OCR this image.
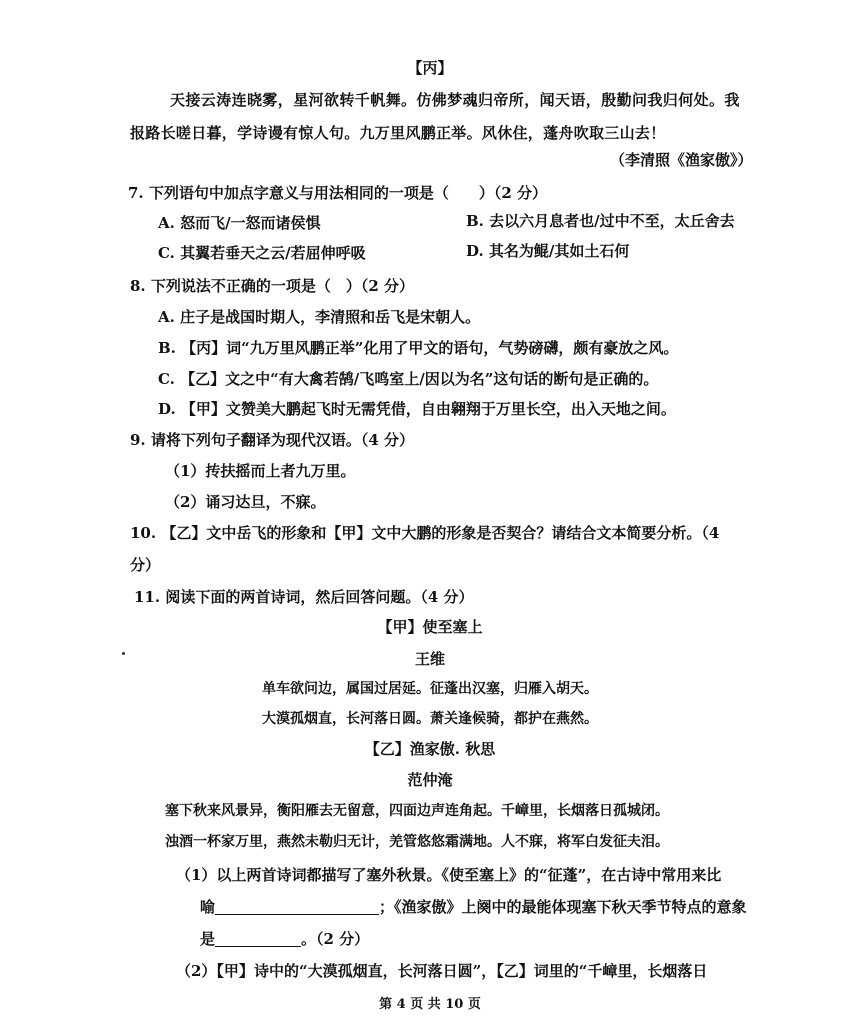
【丙】
天接云涛连晓雾，星河欲转千帆舞。仿佛梦魂归帝所，闻天语，殷勤问我归何处。我
报路长嗟日暮，学诗谩有惊人句。九万里风鹏正举。风休住，蓬舟吹取三山去！
（李清照《渔家傲》）
7. 下列语句中加点字意义与用法相同的一项是（　　）（2 分）
A. 怒而飞/一怒而诸侯惧	B. 去以六月息者也/过中不至，太丘舍去
C. 其翼若垂天之云/若屈伸呼吸	D. 其名为鲲/其如土石何
8. 下列说法不正确的一项是（　）（2 分）
A. 庄子是战国时期人，李清照和岳飞是宋朝人。
B. 【丙】词“九万里风鹏正举”化用了甲文的语句，气势磅礴，颇有豪放之风。
C. 【乙】文之中“有大禽若鹄/飞鸣室上/因以为名”这句话的断句是正确的。
D. 【甲】文赞美大鹏起飞时无需凭借，自由翱翔于万里长空，出入天地之间。
9. 请将下列句子翻译为现代汉语。（4 分）
（1）抟扶摇而上者九万里。
（2）诵习达旦，不寐。
10. 【乙】文中岳飞的形象和【甲】文中大鹏的形象是否契合？请结合文本简要分析。（4
分）
11. 阅读下面的两首诗词，然后回答问题。（4 分）
【甲】使至塞上
王维
单车欲问边，属国过居延。征蓬出汉塞，归雁入胡天。
大漠孤烟直，长河落日圆。萧关逢候骑，都护在燕然。
【乙】渔家傲. 秋思
范仲淹
塞下秋来风景异，衡阳雁去无留意，四面边声连角起。千嶂里，长烟落日孤城闭。
浊酒一杯家万里，燕然未勒归无计，羌管悠悠霜满地。人不寐，将军白发征夫泪。
（1）以上两首诗词都描写了塞外秋景。《使至塞上》的“征蓬”，在古诗中常用来比
喻	；《渔家傲》上阕中的最能体现塞下秋天季节特点的意象
是	。（2 分）
（2）【甲】诗中的“大漠孤烟直，长河落日圆”，【乙】词里的“千嶂里，长烟落日
第 4 页 共 10 页
